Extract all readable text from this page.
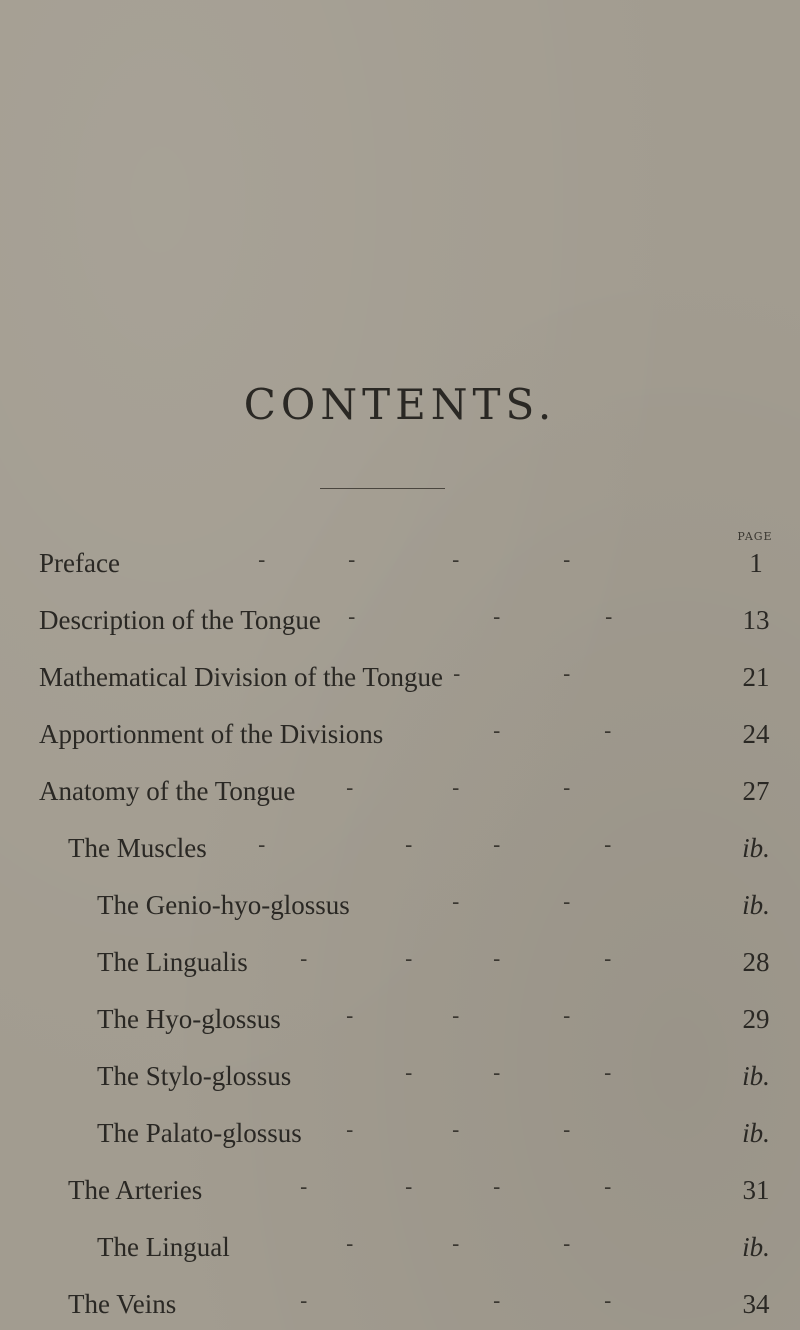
CONTENTS.
PAGE
Preface	-	-	-	-	1
Description of the Tongue -	-	-	13
Mathematical Division of the Tongue -	-	21
Apportionment of the Divisions	-	-	24
Anatomy of the Tongue -	-	-	27
The Muscles -	-	-	-	ib.
The Genio-hyo-glossus	-	-	ib.
The Lingualis -	-	-	-	28
The Hyo-glossus	-	-	-	29
The Stylo-glossus	-	-	-	ib.
The Palato-glossus -	-	-	ib.
The Arteries	-	-	-	-	31
The Lingual	-	-	-	ib.
The Veins	-	-	-	34
